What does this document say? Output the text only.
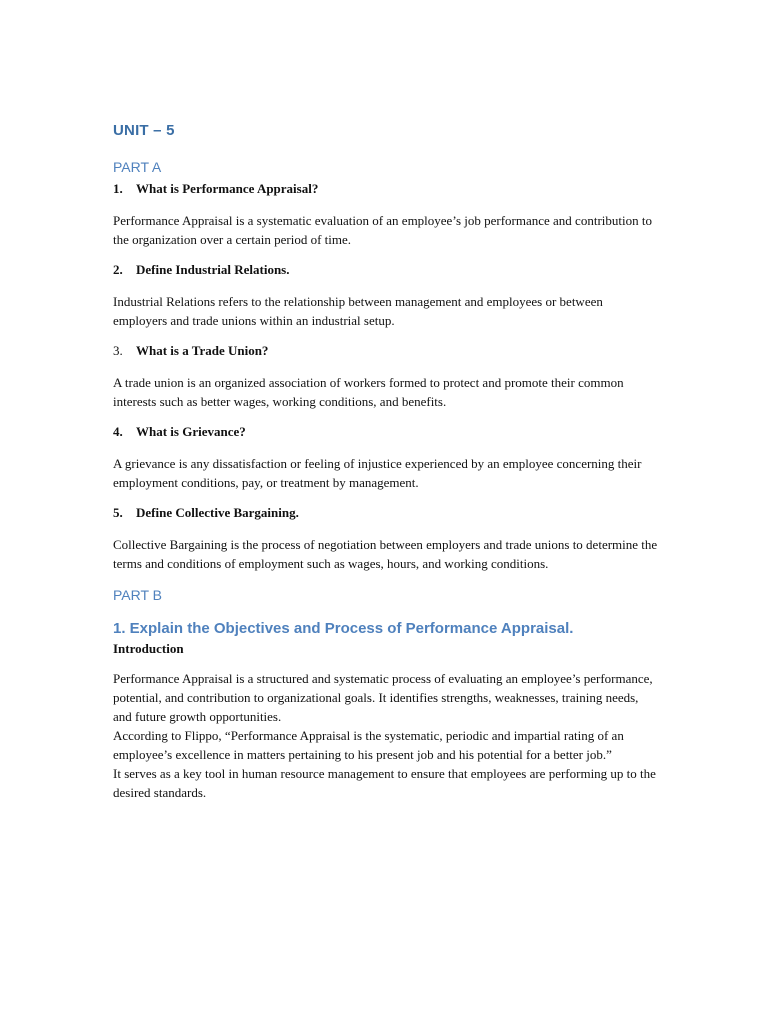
UNIT – 5
PART A

1. What is Performance Appraisal?

Performance Appraisal is a systematic evaluation of an employee’s job performance and contribution to the organization over a certain period of time.

2. Define Industrial Relations.

Industrial Relations refers to the relationship between management and employees or between employers and trade unions within an industrial setup.

3. What is a Trade Union?

A trade union is an organized association of workers formed to protect and promote their common interests such as better wages, working conditions, and benefits.

4. What is Grievance?

A grievance is any dissatisfaction or feeling of injustice experienced by an employee concerning their employment conditions, pay, or treatment by management.

5. Define Collective Bargaining.

Collective Bargaining is the process of negotiation between employers and trade unions to determine the terms and conditions of employment such as wages, hours, and working conditions.

PART B

1. Explain the Objectives and Process of Performance Appraisal.

Introduction

Performance Appraisal is a structured and systematic process of evaluating an employee’s performance, potential, and contribution to organizational goals. It identifies strengths, weaknesses, training needs, and future growth opportunities.

According to Flippo, “Performance Appraisal is the systematic, periodic and impartial rating of an employee’s excellence in matters pertaining to his present job and his potential for a better job.”

It serves as a key tool in human resource management to ensure that employees are performing up to the desired standards.
